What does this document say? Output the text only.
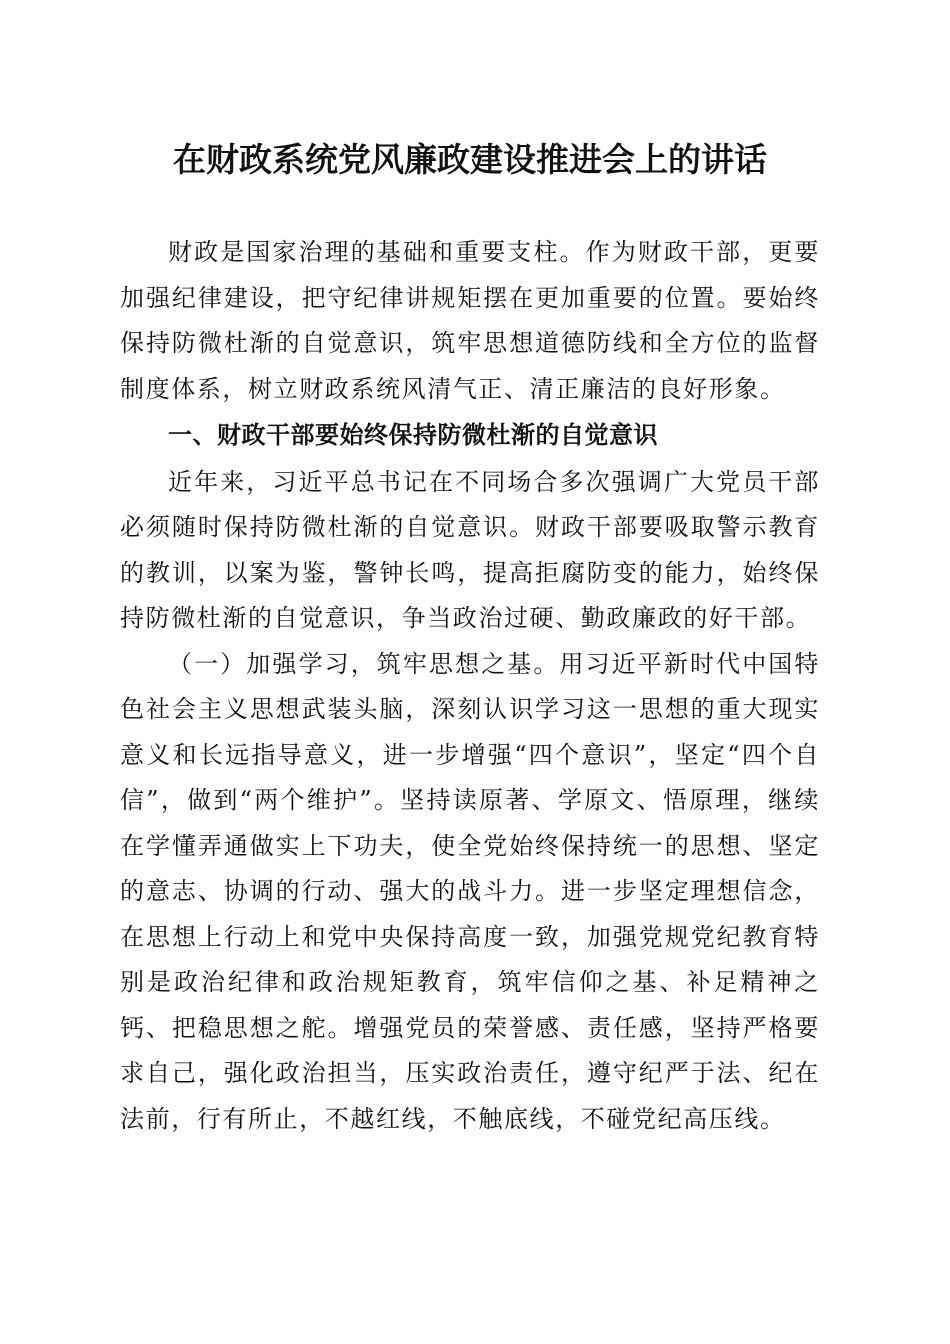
在财政系统党风廉政建设推进会上的讲话

财政是国家治理的基础和重要支柱。作为财政干部，更要加强纪律建设，把守纪律讲规矩摆在更加重要的位置。要始终保持防微杜渐的自觉意识，筑牢思想道德防线和全方位的监督制度体系，树立财政系统风清气正、清正廉洁的良好形象。

一、财政干部要始终保持防微杜渐的自觉意识

近年来，习近平总书记在不同场合多次强调广大党员干部必须随时保持防微杜渐的自觉意识。财政干部要吸取警示教育的教训，以案为鉴，警钟长鸣，提高拒腐防变的能力，始终保持防微杜渐的自觉意识，争当政治过硬、勤政廉政的好干部。

（一）加强学习，筑牢思想之基。用习近平新时代中国特色社会主义思想武装头脑，深刻认识学习这一思想的重大现实意义和长远指导意义，进一步增强“四个意识”，坚定“四个自信”，做到“两个维护”。坚持读原著、学原文、悟原理，继续在学懂弄通做实上下功夫，使全党始终保持统一的思想、坚定的意志、协调的行动、强大的战斗力。进一步坚定理想信念，在思想上行动上和党中央保持高度一致，加强党规党纪教育特别是政治纪律和政治规矩教育，筑牢信仰之基、补足精神之钙、把稳思想之舵。增强党员的荣誉感、责任感，坚持严格要求自己，强化政治担当，压实政治责任，遵守纪严于法、纪在法前，行有所止，不越红线，不触底线，不碰党纪高压线。
